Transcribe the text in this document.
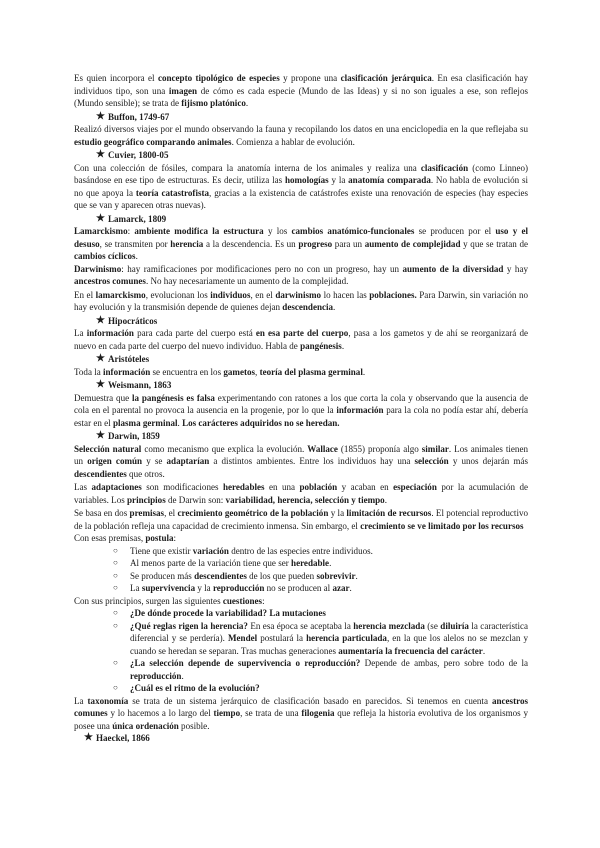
Es quien incorpora el concepto tipológico de especies y propone una clasificación jerárquica. En esa clasificación hay individuos tipo, son una imagen de cómo es cada especie (Mundo de las Ideas) y si no son iguales a ese, son reflejos (Mundo sensible); se trata de fijismo platónico.

★ Buffon, 1749-67

Realizó diversos viajes por el mundo observando la fauna y recopilando los datos en una enciclopedia en la que reflejaba su estudio geográfico comparando animales. Comienza a hablar de evolución.

★ Cuvier, 1800-05

Con una colección de fósiles, compara la anatomía interna de los animales y realiza una clasificación (como Linneo) basándose en ese tipo de estructuras. Es decir, utiliza las homologías y la anatomía comparada. No habla de evolución si no que apoya la teoría catastrofista, gracias a la existencia de catástrofes existe una renovación de especies (hay especies que se van y aparecen otras nuevas).

★ Lamarck, 1809

Lamarckismo: ambiente modifica la estructura y los cambios anatómico-funcionales se producen por el uso y el desuso, se transmiten por herencia a la descendencia. Es un progreso para un aumento de complejidad y que se tratan de cambios cíclicos.

Darwinismo: hay ramificaciones por modificaciones pero no con un progreso, hay un aumento de la diversidad y hay ancestros comunes. No hay necesariamente un aumento de la complejidad.

En el lamarckismo, evolucionan los individuos, en el darwinismo lo hacen las poblaciones. Para Darwin, sin variación no hay evolución y la transmisión depende de quienes dejan descendencia.

★ Hipocráticos

La información para cada parte del cuerpo está en esa parte del cuerpo, pasa a los gametos y de ahí se reorganizará de nuevo en cada parte del cuerpo del nuevo individuo. Habla de pangénesis.

★ Aristóteles

Toda la información se encuentra en los gametos, teoría del plasma germinal.

★ Weismann, 1863

Demuestra que la pangénesis es falsa experimentando con ratones a los que corta la cola y observando que la ausencia de cola en el parental no provoca la ausencia en la progenie, por lo que la información para la cola no podía estar ahí, debería estar en el plasma germinal. Los carácteres adquiridos no se heredan.

★ Darwin, 1859

Selección natural como mecanismo que explica la evolución. Wallace (1855) proponía algo similar. Los animales tienen un origen común y se adaptarían a distintos ambientes. Entre los individuos hay una selección y unos dejarán más descendientes que otros.

Las adaptaciones son modificaciones heredables en una población y acaban en especiación por la acumulación de variables. Los principios de Darwin son: variabilidad, herencia, selección y tiempo.

Se basa en dos premisas, el crecimiento geométrico de la población y la limitación de recursos. El potencial reproductivo de la población refleja una capacidad de crecimiento inmensa. Sin embargo, el crecimiento se ve limitado por los recursos

Con esas premisas, postula:

○ Tiene que existir variación dentro de las especies entre individuos.
○ Al menos parte de la variación tiene que ser heredable.
○ Se producen más descendientes de los que pueden sobrevivir.
○ La supervivencia y la reproducción no se producen al azar.

Con sus principios, surgen las siguientes cuestiones:

○ ¿De dónde procede la variabilidad? La mutaciones
○ ¿Qué reglas rigen la herencia? En esa época se aceptaba la herencia mezclada (se diluiría la característica diferencial y se perdería). Mendel postulará la herencia particulada, en la que los alelos no se mezclan y cuando se heredan se separan. Tras muchas generaciones aumentaría la frecuencia del carácter.
○ ¿La selección depende de supervivencia o reproducción? Depende de ambas, pero sobre todo de la reproducción.
○ ¿Cuál es el ritmo de la evolución?

La taxonomía se trata de un sistema jerárquico de clasificación basado en parecidos. Si tenemos en cuenta ancestros comunes y lo hacemos a lo largo del tiempo, se trata de una filogenia que refleja la historia evolutiva de los organismos y posee una única ordenación posible.

★ Haeckel, 1866
